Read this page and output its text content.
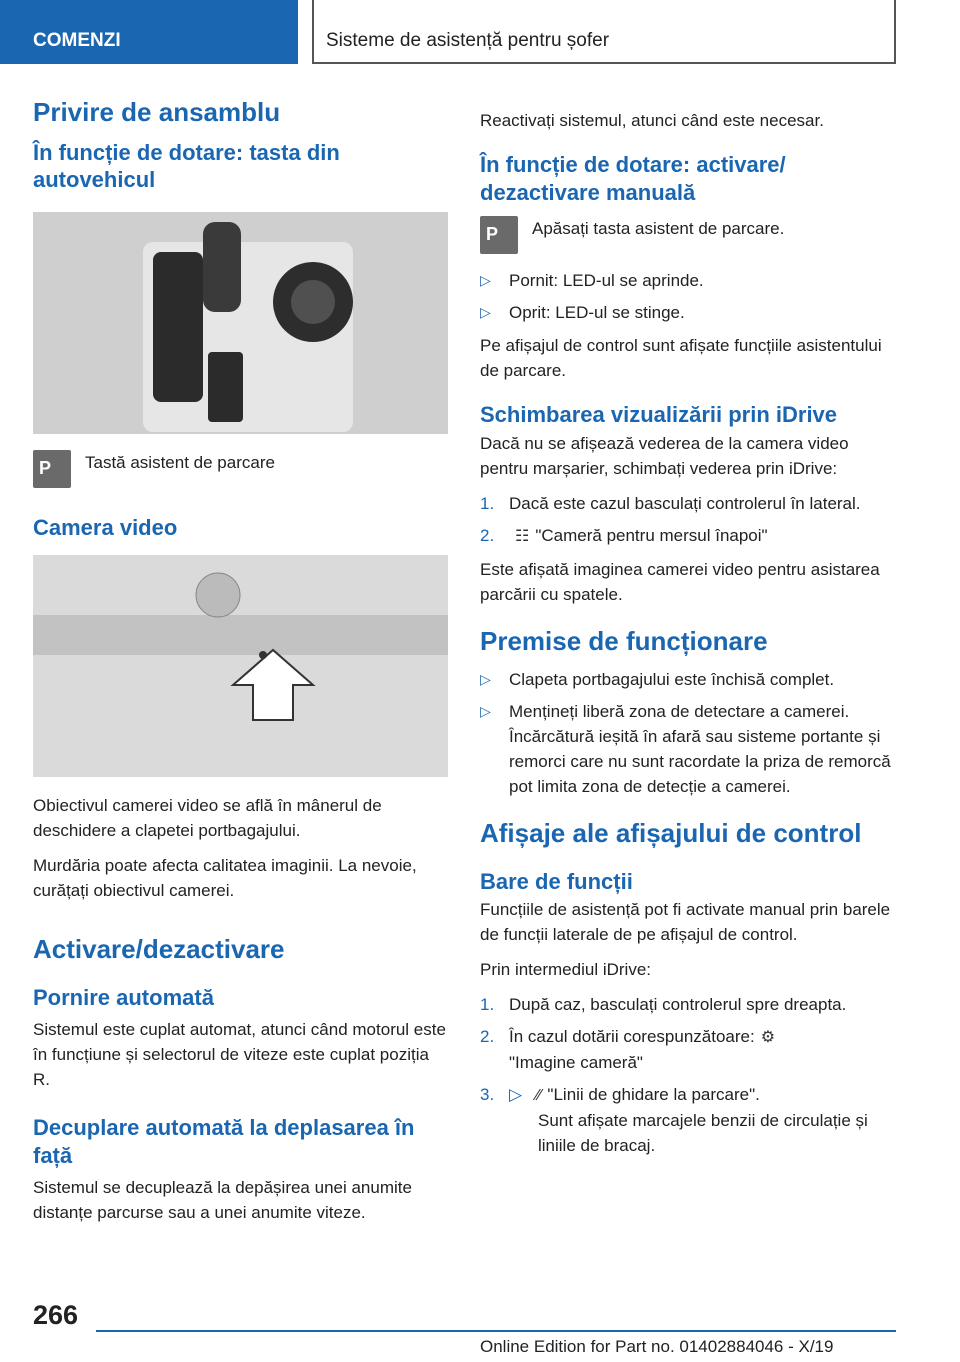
COMENZI	Sisteme de asistență pentru șofer
Privire de ansamblu
În funcție de dotare: tasta din autovehicul
P Tastă asistent de parcare

Camera video

Obiectivul camerei video se află în mânerul de deschidere a clapetei portbagajului.

Murdăria poate afecta calitatea imaginii. La nevoie, curățați obiectivul camerei.

Activare/dezactivare
Pornire automată

Sistemul este cuplat automat, atunci când motorul este în funcțiune și selectorul de viteze este cuplat poziția R.

Decuplare automată la deplasarea în față

Sistemul se decuplează la depășirea unei anumite distanțe parcurse sau a unei anumite viteze.

Reactivați sistemul, atunci când este necesar.

În funcție de dotare: activare/ dezactivare manuală
P Apăsați tasta asistent de parcare.

▷ Pornit: LED-ul se aprinde.
▷ Oprit: LED-ul se stinge.

Pe afișajul de control sunt afișate funcțiile asistentului de parcare.

Schimbarea vizualizării prin iDrive

Dacă nu se afișează vederea de la camera video pentru marșarier, schimbați vederea prin iDrive:

1. Dacă este cazul basculați controlerul în lateral.
2. ☷ "Cameră pentru mersul înapoi"

Este afișată imaginea camerei video pentru asistarea parcării cu spatele.

Premise de funcționare
▷ Clapeta portbagajului este închisă complet.
▷ Mențineți liberă zona de detectare a camerei. Încărcătură ieșită în afară sau sisteme portante și remorci care nu sunt racordate la priza de remorcă pot limita zona de detecție a camerei.
Afișaje ale afișajului de control
Bare de funcții

Funcțiile de asistență pot fi activate manual prin barele de funcții laterale de pe afișajul de control.

Prin intermediul iDrive:

1. După caz, basculați controlerul spre dreapta.
2. În cazul dotării corespunzătoare: ⚙
"Imagine cameră"
3. ▷ ∕∕ "Linii de ghidare la parcare".
Sunt afișate marcajele benzii de circulație și liniile de bracaj.
266
Online Edition for Part no. 01402884046 - X/19
